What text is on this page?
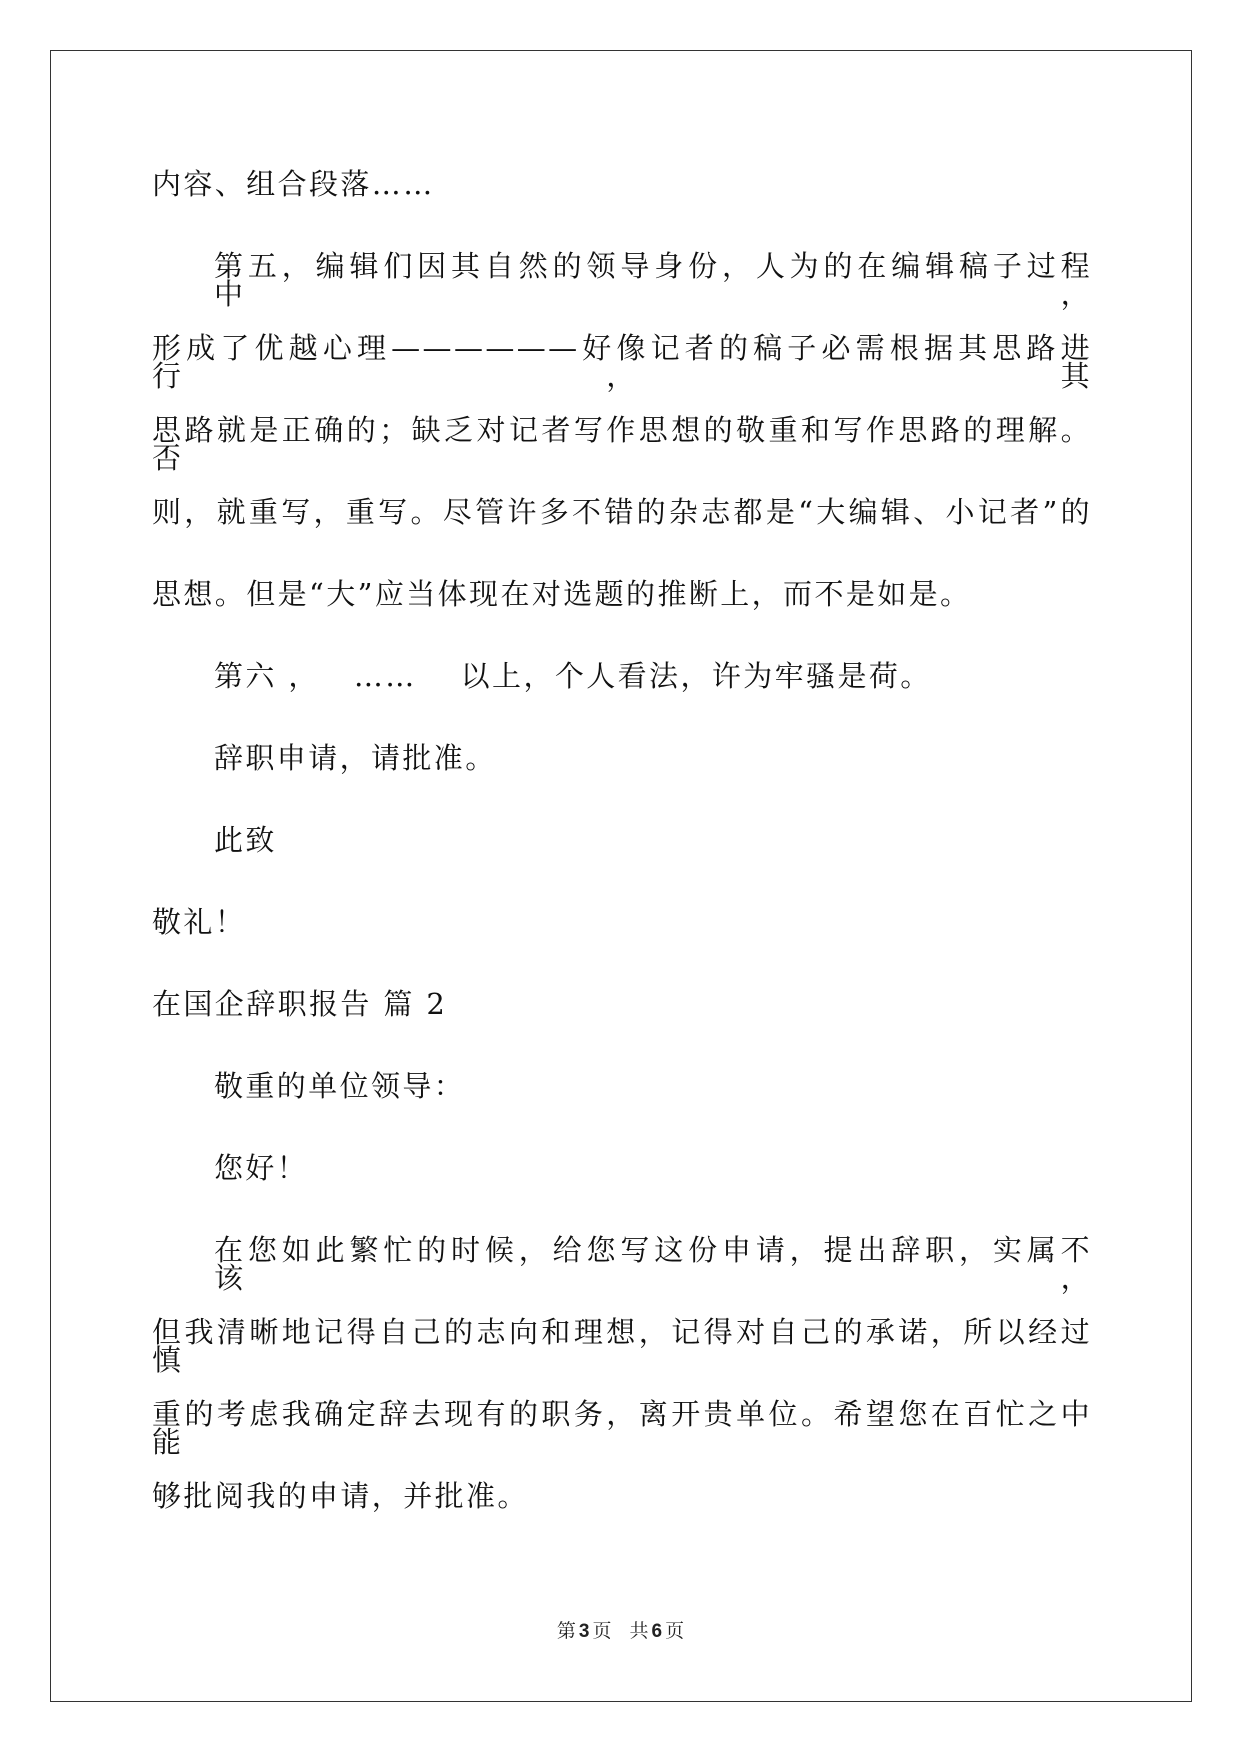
内容、组合段落……
第五，编辑们因其自然的领导身份，人为的在编辑稿子过程中，
形成了优越心理——————好像记者的稿子必需根据其思路进行，其
思路就是正确的；缺乏对记者写作思想的敬重和写作思路的理解。否
则，就重写，重写。尽管许多不错的杂志都是“大编辑、小记者”的
思想。但是“大”应当体现在对选题的推断上，而不是如是。
第六 ， …… 以上，个人看法，许为牢骚是荷。
辞职申请，请批准。
此致
敬礼！
在国企辞职报告 篇 2
敬重的单位领导：
您好！
在您如此繁忙的时候，给您写这份申请，提出辞职，实属不该，
但我清晰地记得自己的志向和理想，记得对自己的承诺，所以经过慎
重的考虑我确定辞去现有的职务，离开贵单位。希望您在百忙之中能
够批阅我的申请，并批准。
第 3 页 共 6 页
